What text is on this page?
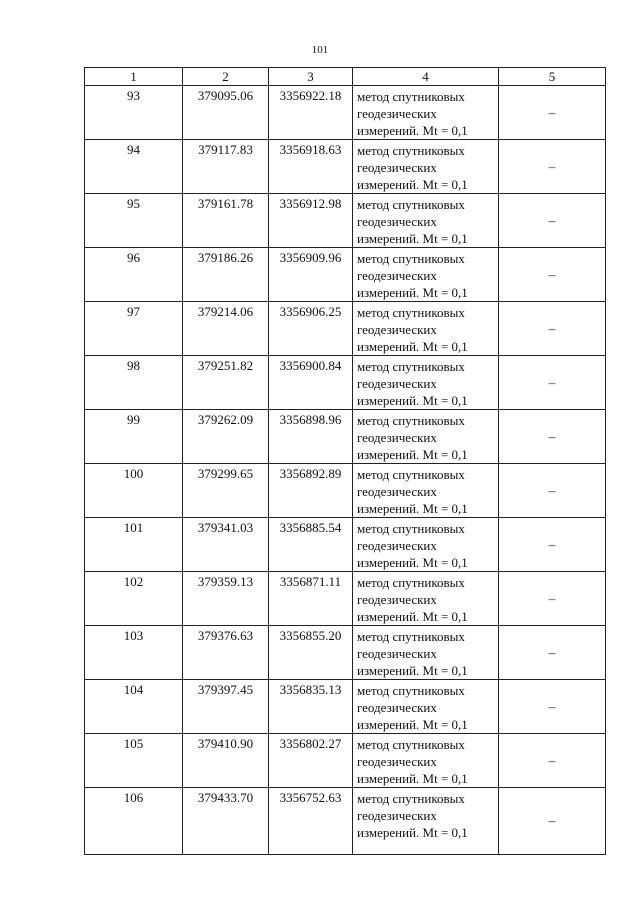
101
1	2	3	4	5
93	379095.06	3356922.18	метод спутниковых геодезических измерений. Mt = 0,1	–
94	379117.83	3356918.63	метод спутниковых геодезических измерений. Mt = 0,1	–
95	379161.78	3356912.98	метод спутниковых геодезических измерений. Mt = 0,1	–
96	379186.26	3356909.96	метод спутниковых геодезических измерений. Mt = 0,1	–
97	379214.06	3356906.25	метод спутниковых геодезических измерений. Mt = 0,1	–
98	379251.82	3356900.84	метод спутниковых геодезических измерений. Mt = 0,1	–
99	379262.09	3356898.96	метод спутниковых геодезических измерений. Mt = 0,1	–
100	379299.65	3356892.89	метод спутниковых геодезических измерений. Mt = 0,1	–
101	379341.03	3356885.54	метод спутниковых геодезических измерений. Mt = 0,1	–
102	379359.13	3356871.11	метод спутниковых геодезических измерений. Mt = 0,1	–
103	379376.63	3356855.20	метод спутниковых геодезических измерений. Mt = 0,1	–
104	379397.45	3356835.13	метод спутниковых геодезических измерений. Mt = 0,1	–
105	379410.90	3356802.27	метод спутниковых геодезических измерений. Mt = 0,1	–
106	379433.70	3356752.63	метод спутниковых геодезических измерений. Mt = 0,1	–
